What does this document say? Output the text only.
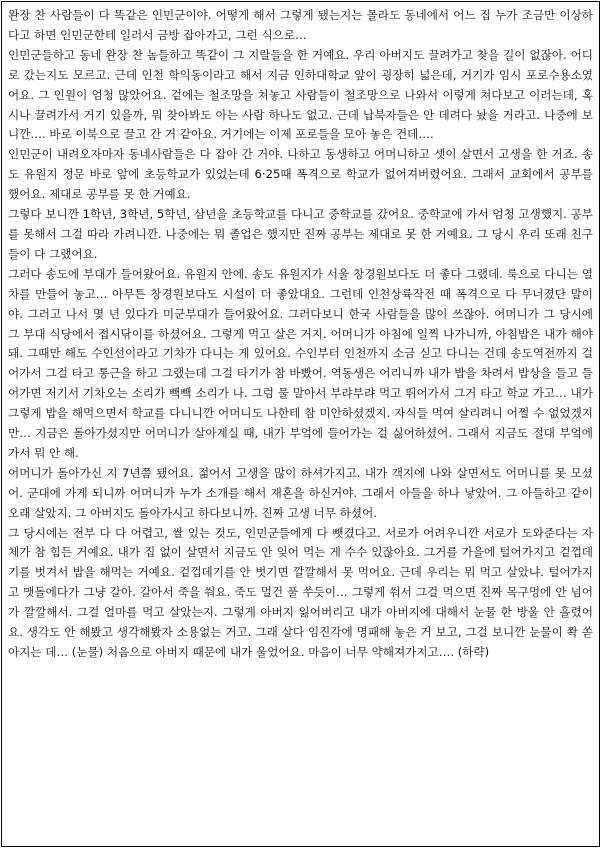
완장 찬 사람들이 다 똑같은 인민군이야. 어떻게 해서 그렇게 됐는지는 몰라도 동네에서 어느 집 누가 조금만 이상하다고 하면 인민군한테 일러서 금방 잡아가고, 그런 식으로…

인민군들하고 동네 완장 찬 놈들하고 똑같이 그 지랄들을 한 거예요. 우리 아버지도 끌려가고 찾을 길이 없잖아. 어디로 갔는지도 모르고. 근데 인천 학익동이라고 해서 지금 인하대학교 앞이 굉장히 넓은데, 거기가 임시 포로수용소였어요. 그 인원이 엄청 많았어요. 겉에는 철조망을 쳐놓고 사람들이 철조망으로 나와서 이렇게 쳐다보고 이러는데, 혹시나 끌려가서 거기 있을까, 뭐 찾아봐도 아는 사람 하나도 없고. 근데 납북자들은 안 데려다 놨을 거라고. 나중에 보니깐…. 바로 이북으로 끌고 간 거 같아요. 거기에는 이제 포로들을 모아 놓은 건데….

인민군이 내려오자마자 동네사람들은 다 잡아 간 거야. 나하고 동생하고 어머니하고 셋이 살면서 고생을 한 거죠. 송도 유원지 정문 바로 앞에 초등학교가 있었는데 6·25때 폭격으로 학교가 없어져버렸어요. 그래서 교회에서 공부를 했어요. 제대로 공부를 못 한 거예요.

그렇다 보니깐 1학년, 3학년, 5학년, 삼년을 초등학교를 다니고 중학교를 갔어요. 중학교에 가서 엄청 고생했지. 공부를 못해서 그걸 따라 가려니깐. 나중에는 뭐 졸업은 했지만 진짜 공부는 제대로 못 한 거예요. 그 당시 우리 또래 친구들이 다 그랬어요.

그러다 송도에 부대가 들어왔어요. 유원지 안에. 송도 유원지가 서울 창경원보다도 더 좋다 그랬데. 룩으로 다니는 열차를 만들어 놓고… 아무튼 창경원보다도 시설이 더 좋았대요. 그런데 인천상륙작전 때 폭격으로 다 무너졌단 말이야. 그러고 나서 몇 년 있다가 미군부대가 들어왔어요. 그러다보니 한국 사람들을 많이 쓰잖아. 어머니가 그 당시에 그 부대 식당에서 접시닦이를 하셨어요. 그렇게 먹고 살은 거지. 어머니가 아침에 일찍 나가니까, 아침밥은 내가 해야 돼. 그때만 해도 수인선이라고 기차가 다니는 게 있어요. 수인부터 인천까지 소금 싣고 다니는 건데 송도역전까지 걸어가서 그걸 타고 통근을 하고 그랬는데 그걸 타기가 참 바빴어. 역동생은 어리니까 내가 밥을 차려서 밥상을 들고 들어가면 저기서 기차오는 소리가 빽빽 소리가 나. 그럼 물 말아서 부랴부랴 먹고 뛰어가서 그거 타고 학교 가고… 내가 그렇게 밥을 해먹으면서 학교를 다니니깐 어머니도 나한테 참 미안하셨겠지. 자식들 먹여 살리려니 어쩔 수 없었겠지만… 지금은 돌아가셨지만 어머니가 살아계실 때, 내가 부엌에 들어가는 걸 싫어하셨어. 그래서 지금도 절대 부엌에 가서 뭐 안 해.

어머니가 돌아가신 지 7년쯤 됐어요. 젊어서 고생을 많이 하셔가지고. 내가 객지에 나와 살면서도 어머니를 못 모셨어. 군대에 가게 되니까 어머니가 누가 소개를 해서 재혼을 하신거야. 그래서 아들을 하나 낳았어. 그 아들하고 같이 오래 살았지. 그 아버지도 돌아가시고 하다보니까. 진짜 고생 너무 하셨어.

그 당시에는 전부 다 다 어렵고, 쌀 있는 것도, 인민군들에게 다 뺏겼다고. 서로가 어려우니깐 서로가 도와준다는 자체가 참 힘든 거예요. 내가 집 없이 살면서 지금도 안 잊어 먹는 게 수수 있잖아요. 그거를 가을에 털어가지고 겉껍데기를 벗겨서 밥을 해먹는 거예요. 겉껍데기를 안 벗기면 깔깔해서 못 먹어요. 근데 우리는 뭐 먹고 살았냐. 털어가지고 맷돌에다가 그냥 갈아. 갈아서 죽을 쒀요. 죽도 멀건 풀 쑤듯이… 그렇게 쒀서 그걸 먹으면 진짜 목구멍에 안 넘어가 깔깔해서. 그걸 얼마를 먹고 살았는지. 그렇게 아버지 잃어버리고 내가 아버지에 대해서 눈물 한 방울 안 흘렸어요. 생각도 안 해봤고 생각해봤자 소용없는 거고. 그래 살다 임진각에 명패해 놓은 거 보고, 그걸 보니깐 눈물이 쫙 쏟아지는 데… (눈물) 처음으로 아버지 때문에 내가 울었어요. 마음이 너무 약해져가지고…. (하략)
